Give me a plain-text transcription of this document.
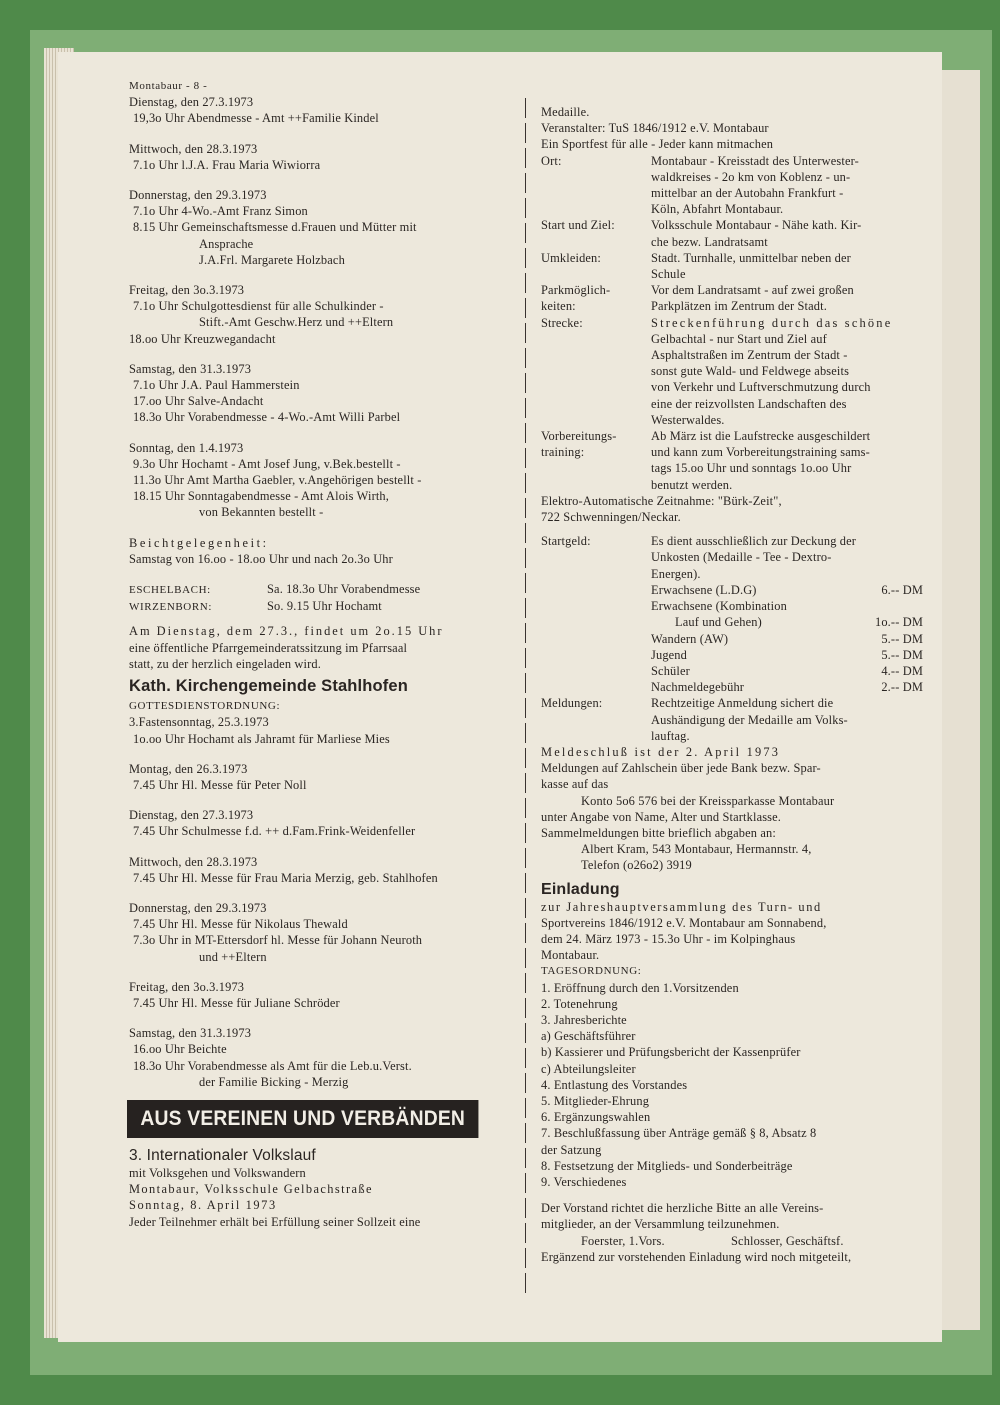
Montabaur - 8 -
Dienstag, den 27.3.1973
19,3o Uhr Abendmesse - Amt ++Familie Kindel
Mittwoch, den 28.3.1973
7.1o Uhr l.J.A. Frau Maria Wiwiorra
Donnerstag, den 29.3.1973
7.1o Uhr 4-Wo.-Amt Franz Simon
8.15 Uhr Gemeinschaftsmesse d.Frauen und Mütter mit
Ansprache
J.A.Frl. Margarete Holzbach
Freitag, den 3o.3.1973
7.1o Uhr Schulgottesdienst für alle Schulkinder -
Stift.-Amt Geschw.Herz und ++Eltern
18.oo Uhr Kreuzwegandacht
Samstag, den 31.3.1973
7.1o Uhr J.A. Paul Hammerstein
17.oo Uhr Salve-Andacht
18.3o Uhr Vorabendmesse - 4-Wo.-Amt Willi Parbel
Sonntag, den 1.4.1973
9.3o Uhr Hochamt - Amt Josef Jung, v.Bek.bestellt -
11.3o Uhr Amt Martha Gaebler, v.Angehörigen bestellt -
18.15 Uhr Sonntagabendmesse - Amt Alois Wirth,
von Bekannten bestellt -
Beichtgelegenheit:
Samstag von 16.oo - 18.oo Uhr und nach 2o.3o Uhr
ESCHELBACH:	Sa. 18.3o Uhr Vorabendmesse
WIRZENBORN:	So. 9.15 Uhr Hochamt
Am Dienstag, dem 27.3., findet um 2o.15 Uhr
eine öffentliche Pfarrgemeinderatssitzung im Pfarrsaal
statt, zu der herzlich eingeladen wird.
Kath. Kirchengemeinde Stahlhofen
GOTTESDIENSTORDNUNG:
3.Fastensonntag, 25.3.1973
1o.oo Uhr Hochamt als Jahramt für Marliese Mies
Montag, den 26.3.1973
7.45 Uhr Hl. Messe für Peter Noll
Dienstag, den 27.3.1973
7.45 Uhr Schulmesse f.d. ++ d.Fam.Frink-Weidenfeller
Mittwoch, den 28.3.1973
7.45 Uhr Hl. Messe für Frau Maria Merzig, geb. Stahlhofen
Donnerstag, den 29.3.1973
7.45 Uhr Hl. Messe für Nikolaus Thewald
7.3o Uhr in MT-Ettersdorf hl. Messe für Johann Neuroth
und ++Eltern
Freitag, den 3o.3.1973
7.45 Uhr Hl. Messe für Juliane Schröder
Samstag, den 31.3.1973
16.oo Uhr Beichte
18.3o Uhr Vorabendmesse als Amt für die Leb.u.Verst.
der Familie Bicking - Merzig
AUS VEREINEN UND VERBÄNDEN
3. Internationaler Volkslauf
mit Volksgehen und Volkswandern
Montabaur, Volksschule Gelbachstraße
Sonntag, 8. April 1973
Jeder Teilnehmer erhält bei Erfüllung seiner Sollzeit eine
Medaille.
Veranstalter: TuS 1846/1912 e.V. Montabaur
Ein Sportfest für alle - Jeder kann mitmachen
Ort:	Montabaur - Kreisstadt des Unterwester-
waldkreises - 2o km von Koblenz - un-
mittelbar an der Autobahn Frankfurt -
Köln, Abfahrt Montabaur.
Start und Ziel:	Volksschule Montabaur - Nähe kath. Kir-
che bezw. Landratsamt
Umkleiden:	Stadt. Turnhalle, unmittelbar neben der
Schule
Parkmöglich-	Vor dem Landratsamt - auf zwei großen
keiten:	Parkplätzen im Zentrum der Stadt.
Strecke:	Streckenführung durch das schöne
Gelbachtal - nur Start und Ziel auf
Asphaltstraßen im Zentrum der Stadt -
sonst gute Wald- und Feldwege abseits
von Verkehr und Luftverschmutzung durch
eine der reizvollsten Landschaften des
Westerwaldes.
Vorbereitungs-	Ab März ist die Laufstrecke ausgeschildert
training:	und kann zum Vorbereitungstraining sams-
tags 15.oo Uhr und sonntags 1o.oo Uhr
benutzt werden.
Elektro-Automatische Zeitnahme: "Bürk-Zeit",
722 Schwenningen/Neckar.
Startgeld:	Es dient ausschließlich zur Deckung der
Unkosten (Medaille - Tee - Dextro-
Energen).
Erwachsene (L.D.G)	6.-- DM
Erwachsene (Kombination
Lauf und Gehen)	1o.-- DM
Wandern (AW)	5.-- DM
Jugend	5.-- DM
Schüler	4.-- DM
Nachmeldegebühr	2.-- DM
Meldungen:	Rechtzeitige Anmeldung sichert die
Aushändigung der Medaille am Volks-
lauftag.
Meldeschluß ist der 2. April 1973
Meldungen auf Zahlschein über jede Bank bezw. Spar-
kasse auf das
Konto 5o6 576 bei der Kreissparkasse Montabaur
unter Angabe von Name, Alter und Startklasse.
Sammelmeldungen bitte brieflich abgaben an:
Albert Kram, 543 Montabaur, Hermannstr. 4,
Telefon (o26o2) 3919
Einladung
zur Jahreshauptversammlung des Turn- und
Sportvereins 1846/1912 e.V. Montabaur am Sonnabend,
dem 24. März 1973 - 15.3o Uhr - im Kolpinghaus
Montabaur.
TAGESORDNUNG:
1. Eröffnung durch den 1.Vorsitzenden
2. Totenehrung
3. Jahresberichte
a) Geschäftsführer
b) Kassierer und Prüfungsbericht der Kassenprüfer
c) Abteilungsleiter
4. Entlastung des Vorstandes
5. Mitglieder-Ehrung
6. Ergänzungswahlen
7. Beschlußfassung über Anträge gemäß § 8, Absatz 8
der Satzung
8. Festsetzung der Mitglieds- und Sonderbeiträge
9. Verschiedenes
Der Vorstand richtet die herzliche Bitte an alle Vereins-
mitglieder, an der Versammlung teilzunehmen.
Foerster, 1.Vors.	Schlosser, Geschäftsf.
Ergänzend zur vorstehenden Einladung wird noch mitgeteilt,
